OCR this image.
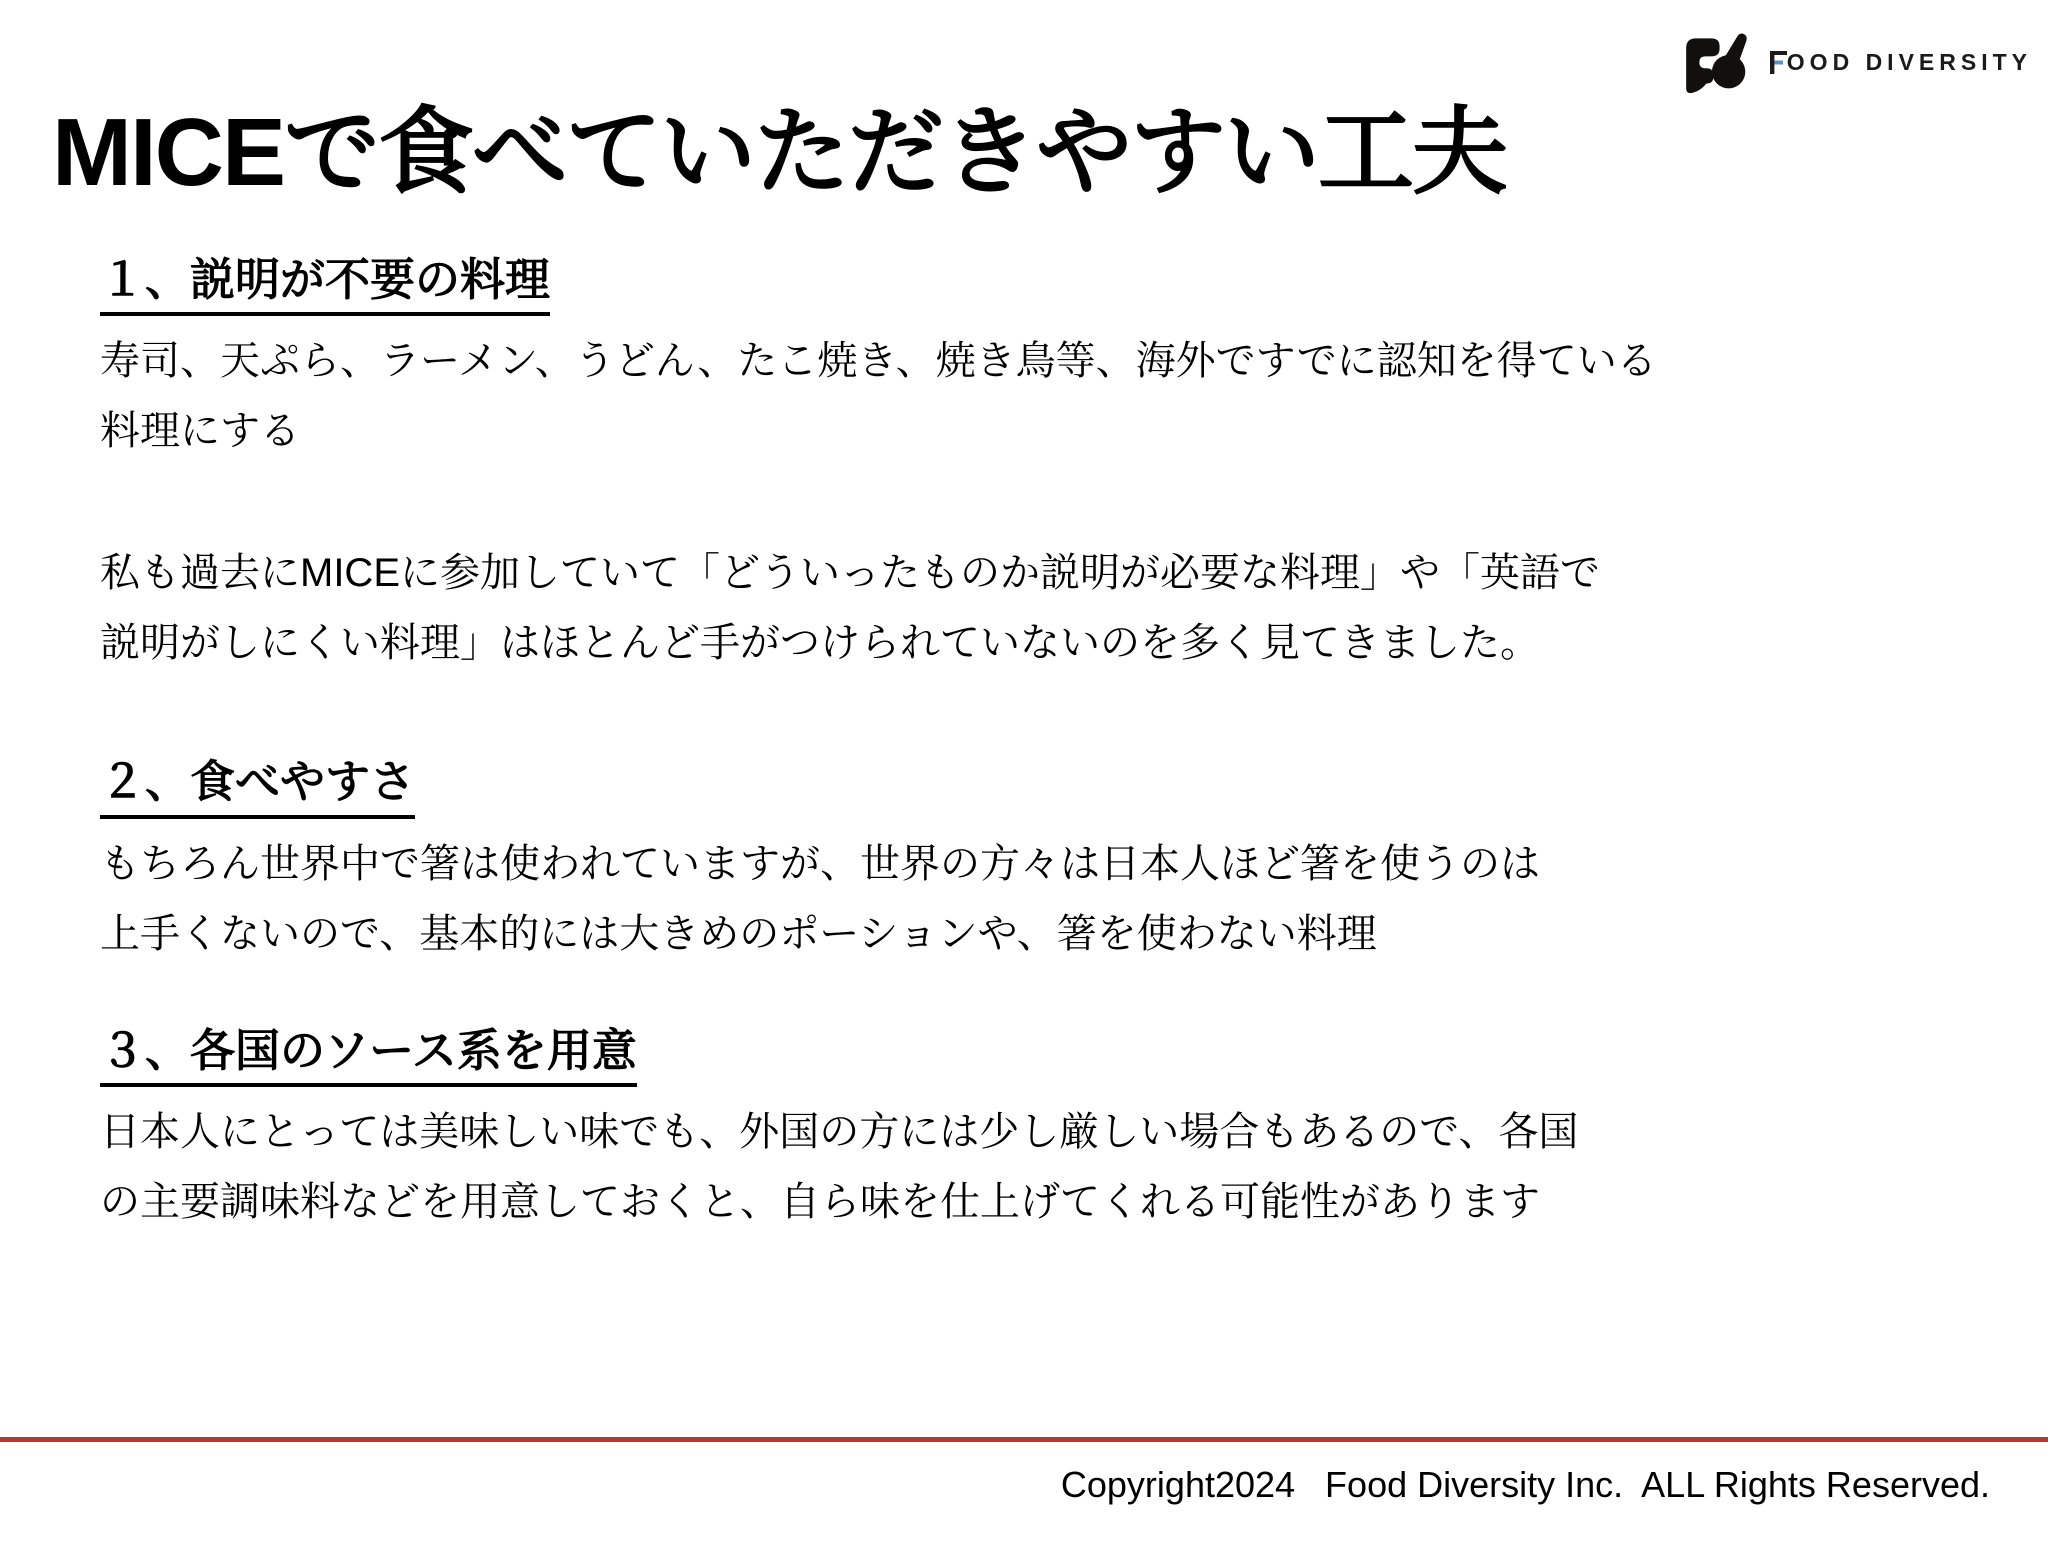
MICEで食べていただきやすい工夫
OOD DIVERSITY
１、説明が不要の料理
寿司、天ぷら、ラーメン、うどん、たこ焼き、焼き鳥等、海外ですでに認知を得ている
料理にする
私も過去にMICEに参加していて「どういったものか説明が必要な料理」や「英語で
説明がしにくい料理」はほとんど手がつけられていないのを多く見てきました。
２、食べやすさ
もちろん世界中で箸は使われていますが、世界の方々は日本人ほど箸を使うのは
上手くないので、基本的には大きめのポーションや、箸を使わない料理
３、各国のソース系を用意
日本人にとっては美味しい味でも、外国の方には少し厳しい場合もあるので、各国
の主要調味料などを用意しておくと、自ら味を仕上げてくれる可能性があります
Copyright2024   Food Diversity Inc.  ALL Rights Reserved.
